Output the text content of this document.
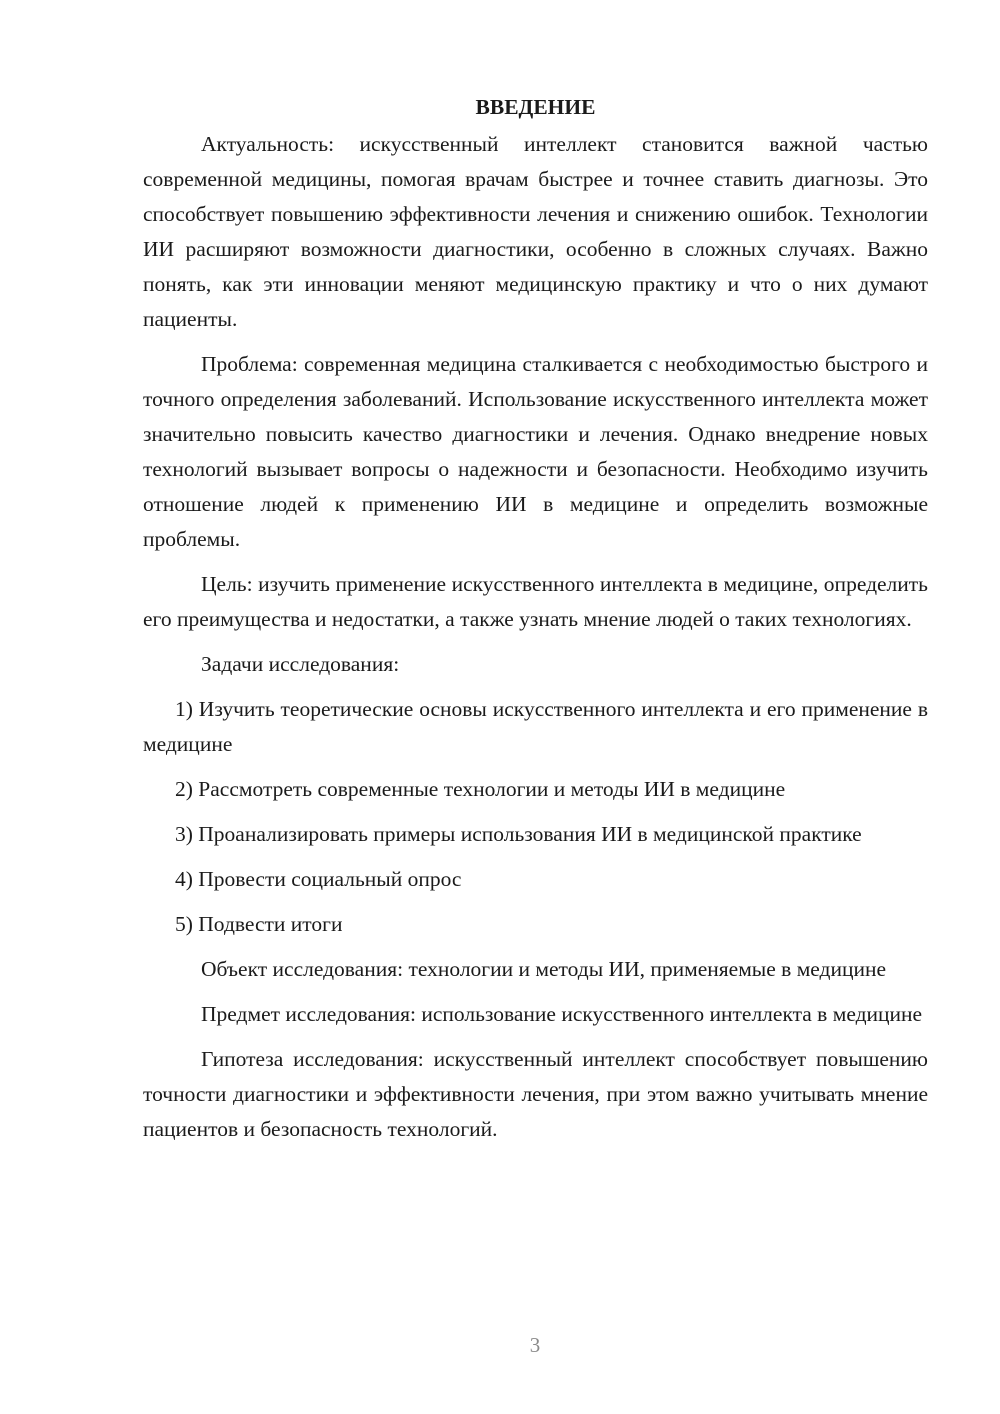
ВВЕДЕНИЕ

Актуальность: искусственный интеллект становится важной частью современной медицины, помогая врачам быстрее и точнее ставить диагнозы. Это способствует повышению эффективности лечения и снижению ошибок. Технологии ИИ расширяют возможности диагностики, особенно в сложных случаях. Важно понять, как эти инновации меняют медицинскую практику и что о них думают пациенты.

Проблема: современная медицина сталкивается с необходимостью быстрого и точного определения заболеваний. Использование искусственного интеллекта может значительно повысить качество диагностики и лечения. Однако внедрение новых технологий вызывает вопросы о надежности и безопасности. Необходимо изучить отношение людей к применению ИИ в медицине и определить возможные проблемы.

Цель: изучить применение искусственного интеллекта в медицине, определить его преимущества и недостатки, а также узнать мнение людей о таких технологиях.

Задачи исследования:

1) Изучить теоретические основы искусственного интеллекта и его применение в медицине

2) Рассмотреть современные технологии и методы ИИ в медицине

3) Проанализировать примеры использования ИИ в медицинской практике

4) Провести социальный опрос

5) Подвести итоги

Объект исследования: технологии и методы ИИ, применяемые в медицине

Предмет исследования: использование искусственного интеллекта в медицине

Гипотеза исследования: искусственный интеллект способствует повышению точности диагностики и эффективности лечения, при этом важно учитывать мнение пациентов и безопасность технологий.

3
